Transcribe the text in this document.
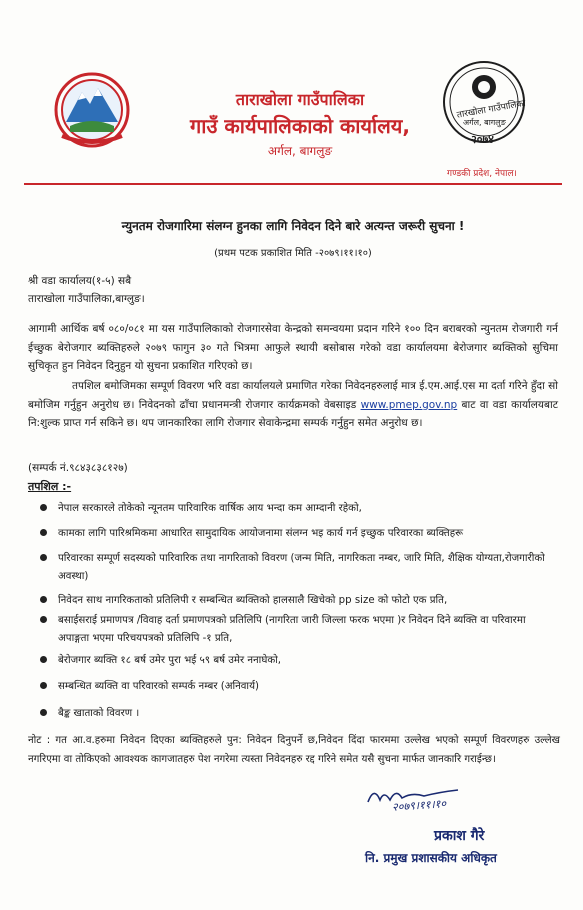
ताराखोला गाउँपालिका
गाउँ कार्यपालिकाको कार्यालय,
अर्गल, बागलुङ
तारखोला गाउँपालिका
अर्गल, बागलुङ
२०७४
गण्डकी प्रदेश, नेपाल।
न्युनतम रोजगारिमा संलग्न हुनका लागि निवेदन दिने बारे अत्यन्त जरूरी सुचना !
(प्रथम पटक प्रकाशित मिति -२०७९।११।१०)
श्री वडा कार्यालय(१-५) सबै
ताराखोला गाउँपालिका,बाग्लुङ।
आगामी आर्थिक बर्ष ०८०/०८१ मा यस गाउँपालिकाको रोजगारसेवा केन्द्रको समन्वयमा प्रदान गरिने १०० दिन बराबरको न्युनतम रोजगारी गर्न ईच्छुक बेरोजगार ब्यक्तिहरुले २०७९ फागुन ३० गते भित्रमा आफुले स्थायी बसोबास गरेको वडा कार्यालयमा बेरोजगार ब्यक्तिको सुचिमा सुचिकृत हुन निवेदन दिनुहुन यो सुचना प्रकाशित गरिएको छ।
तपशिल बमोजिमका सम्पूर्ण विवरण भरि वडा कार्यालयले प्रमाणित गरेका निवेदनहरुलाई मात्र ई.एम.आई.एस मा दर्ता गरिने हुँदा सो बमोजिम गर्नुहुन अनुरोध छ। निवेदनको ढाँचा प्रधानमन्त्री रोजगार कार्यक्रमको वेबसाइड www.pmep.gov.np बाट वा वडा कार्यालयबाट नि:शुल्क प्राप्त गर्न सकिने छ। थप जानकारिका लागि रोजगार सेवाकेन्द्रमा सम्पर्क गर्नुहुन समेत अनुरोध छ।
(सम्पर्क नं.९८४३८३८१२७)
तपशिल :-
नेपाल सरकारले तोकेको न्यूनतम पारिवारिक वार्षिक आय भन्दा कम आम्दानी रहेको,
कामका लागि पारिश्रमिकमा आधारित सामुदायिक आयोजनामा संलग्न भइ कार्य गर्न इच्छुक परिवारका ब्यक्तिहरू
परिवारका सम्पूर्ण सदस्यको पारिवारिक तथा नागरिताको विवरण (जन्म मिति, नागरिकता नम्बर, जारि मिति, शैक्षिक योग्यता,रोजगारीको अवस्था)
निवेदन साथ नागरिकताको प्रतिलिपी र सम्बन्धित ब्यक्तिको हालसालै खिचेको pp size को फोटो एक प्रति,
बसाईसराई प्रमाणपत्र /विवाह दर्ता प्रमाणपत्रको प्रतिलिपि (नागरिता जारी जिल्ला फरक भएमा )र निवेदन दिने ब्यक्ति वा परिवारमा अपाङ्गता भएमा परिचयपत्रको प्रतिलिपि -१ प्रति,
बेरोजगार ब्यक्ति १८ बर्ष उमेर पुरा भई ५९ बर्ष उमेर ननाघेको,
सम्बन्धित ब्यक्ति वा परिवारको सम्पर्क नम्बर (अनिवार्य)
बैङ्क खाताको विवरण ।
नोट : गत आ.व.हरुमा निवेदन दिएका ब्यक्तिहरुले पुन: निवेदन दिनुपर्ने छ,निवेदन दिंदा फारममा उल्लेख भएको सम्पूर्ण विवरणहरु उल्लेख नगरिएमा वा तोकिएको आवश्यक कागजातहरु पेश नगरेमा त्यस्ता निवेदनहरु रद्द गरिने समेत यसै सुचना मार्फत जानकारि गराईन्छ।
२०७९।११।१०
प्रकाश गैरे
नि. प्रमुख प्रशासकीय अधिकृत
